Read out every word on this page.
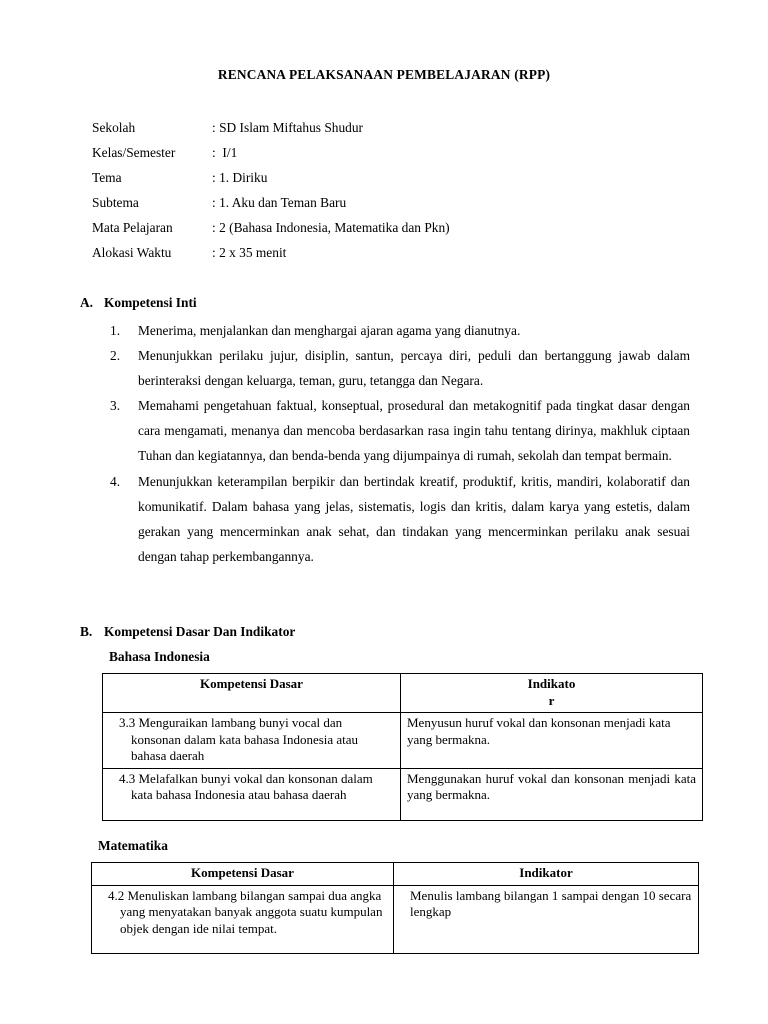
RENCANA PELAKSANAAN PEMBELAJARAN (RPP)
Sekolah	: SD Islam Miftahus Shudur
Kelas/Semester	:  I/1
Tema	: 1. Diriku
Subtema	: 1. Aku dan Teman Baru
Mata Pelajaran	: 2 (Bahasa Indonesia, Matematika dan Pkn)
Alokasi Waktu	: 2 x 35 menit
A. Kompetensi Inti
1. Menerima, menjalankan dan menghargai ajaran agama yang dianutnya.
2. Menunjukkan perilaku jujur, disiplin, santun, percaya diri, peduli dan bertanggung jawab dalam berinteraksi dengan keluarga, teman, guru, tetangga dan Negara.
3. Memahami pengetahuan faktual, konseptual, prosedural dan metakognitif pada tingkat dasar dengan cara mengamati, menanya dan mencoba berdasarkan rasa ingin tahu tentang dirinya, makhluk ciptaan Tuhan dan kegiatannya, dan benda-benda yang dijumpainya di rumah, sekolah dan tempat bermain.
4. Menunjukkan keterampilan berpikir dan bertindak kreatif, produktif, kritis, mandiri, kolaboratif dan komunikatif. Dalam bahasa yang jelas, sistematis, logis dan kritis, dalam karya yang estetis, dalam gerakan yang mencerminkan anak sehat, dan tindakan yang mencerminkan perilaku anak sesuai dengan tahap perkembangannya.
B. Kompetensi Dasar Dan Indikator
Bahasa Indonesia
Kompetensi Dasar	Indikato
r

3.3 Menguraikan lambang bunyi vocal dan konsonan dalam kata bahasa Indonesia atau bahasa daerah	Menyusun huruf vokal dan konsonan menjadi kata yang bermakna.

4.3 Melafalkan bunyi vokal dan konsonan dalam kata bahasa Indonesia atau bahasa daerah	Menggunakan huruf vokal dan konsonan menjadi kata yang bermakna.
Matematika
Kompetensi Dasar	Indikator

4.2 Menuliskan lambang bilangan sampai dua angka yang menyatakan banyak anggota suatu kumpulan objek dengan ide nilai tempat.	Menulis lambang bilangan 1 sampai dengan 10 secara lengkap
